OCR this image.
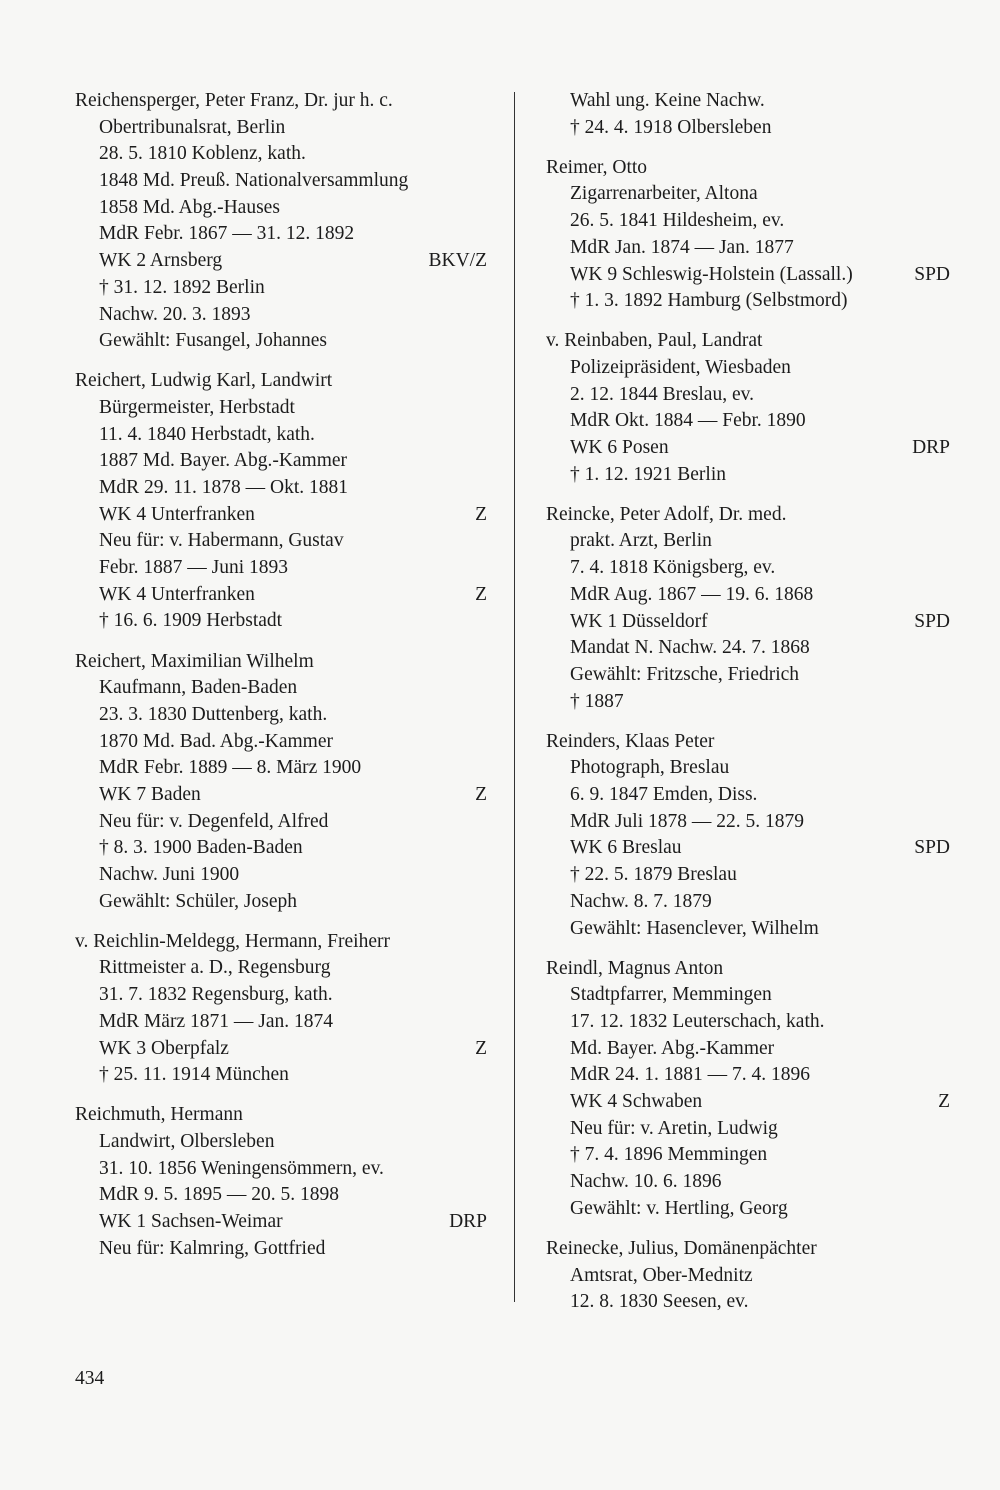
Reichensperger, Peter Franz, Dr. jur h. c.
Obertribunalsrat, Berlin
28. 5. 1810 Koblenz, kath.
1848 Md. Preuß. Nationalversammlung
1858 Md. Abg.-Hauses
MdR Febr. 1867 — 31. 12. 1892
WK 2 Arnsberg	BKV/Z
† 31. 12. 1892 Berlin
Nachw. 20. 3. 1893
Gewählt: Fusangel, Johannes
Reichert, Ludwig Karl, Landwirt
Bürgermeister, Herbstadt
11. 4. 1840 Herbstadt, kath.
1887 Md. Bayer. Abg.-Kammer
MdR 29. 11. 1878 — Okt. 1881
WK 4 Unterfranken	Z
Neu für: v. Habermann, Gustav
Febr. 1887 — Juni 1893
WK 4 Unterfranken	Z
† 16. 6. 1909 Herbstadt
Reichert, Maximilian Wilhelm
Kaufmann, Baden-Baden
23. 3. 1830 Duttenberg, kath.
1870 Md. Bad. Abg.-Kammer
MdR Febr. 1889 — 8. März 1900
WK 7 Baden	Z
Neu für: v. Degenfeld, Alfred
† 8. 3. 1900 Baden-Baden
Nachw. Juni 1900
Gewählt: Schüler, Joseph
v. Reichlin-Meldegg, Hermann, Freiherr
Rittmeister a. D., Regensburg
31. 7. 1832 Regensburg, kath.
MdR März 1871 — Jan. 1874
WK 3 Oberpfalz	Z
† 25. 11. 1914 München
Reichmuth, Hermann
Landwirt, Olbersleben
31. 10. 1856 Weningensömmern, ev.
MdR 9. 5. 1895 — 20. 5. 1898
WK 1 Sachsen-Weimar	DRP
Neu für: Kalmring, Gottfried
Wahl ung. Keine Nachw.
† 24. 4. 1918 Olbersleben
Reimer, Otto
Zigarrenarbeiter, Altona
26. 5. 1841 Hildesheim, ev.
MdR Jan. 1874 — Jan. 1877
WK 9 Schleswig-Holstein (Lassall.)	SPD
† 1. 3. 1892 Hamburg (Selbstmord)
v. Reinbaben, Paul, Landrat
Polizeipräsident, Wiesbaden
2. 12. 1844 Breslau, ev.
MdR Okt. 1884 — Febr. 1890
WK 6 Posen	DRP
† 1. 12. 1921 Berlin
Reincke, Peter Adolf, Dr. med.
prakt. Arzt, Berlin
7. 4. 1818 Königsberg, ev.
MdR Aug. 1867 — 19. 6. 1868
WK 1 Düsseldorf	SPD
Mandat N. Nachw. 24. 7. 1868
Gewählt: Fritzsche, Friedrich
† 1887
Reinders, Klaas Peter
Photograph, Breslau
6. 9. 1847 Emden, Diss.
MdR Juli 1878 — 22. 5. 1879
WK 6 Breslau	SPD
† 22. 5. 1879 Breslau
Nachw. 8. 7. 1879
Gewählt: Hasenclever, Wilhelm
Reindl, Magnus Anton
Stadtpfarrer, Memmingen
17. 12. 1832 Leuterschach, kath.
Md. Bayer. Abg.-Kammer
MdR 24. 1. 1881 — 7. 4. 1896
WK 4 Schwaben	Z
Neu für: v. Aretin, Ludwig
† 7. 4. 1896 Memmingen
Nachw. 10. 6. 1896
Gewählt: v. Hertling, Georg
Reinecke, Julius, Domänenpächter
Amtsrat, Ober-Mednitz
12. 8. 1830 Seesen, ev.
434
